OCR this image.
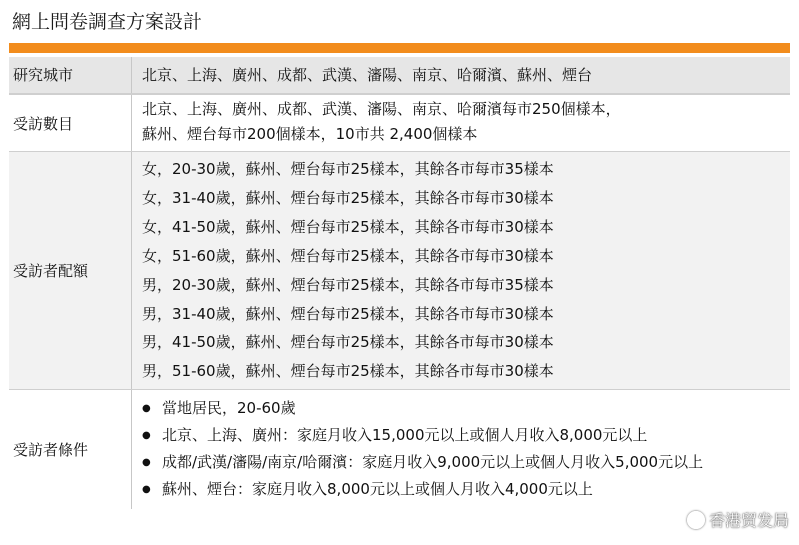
網上問卷調查方案設計
研究城市	北京、上海、廣州、成都、武漢、瀋陽、南京、哈爾濱、蘇州、煙台
受訪數目
北京、上海、廣州、成都、武漢、瀋陽、南京、哈爾濱每市250個樣本，
蘇州、煙台每市200個樣本，10市共 2,400個樣本
受訪者配額
女，20-30歲，蘇州、煙台每市25樣本，其餘各市每市35樣本
女，31-40歲，蘇州、煙台每市25樣本，其餘各市每市30樣本
女，41-50歲，蘇州、煙台每市25樣本，其餘各市每市30樣本
女，51-60歲，蘇州、煙台每市25樣本，其餘各市每市30樣本
男，20-30歲，蘇州、煙台每市25樣本，其餘各市每市35樣本
男，31-40歲，蘇州、煙台每市25樣本，其餘各市每市30樣本
男，41-50歲，蘇州、煙台每市25樣本，其餘各市每市30樣本
男，51-60歲，蘇州、煙台每市25樣本，其餘各市每市30樣本
受訪者條件
● 當地居民，20-60歲
● 北京、上海、廣州：家庭月收入15,000元以上或個人月收入8,000元以上
● 成都/武漢/瀋陽/南京/哈爾濱：家庭月收入9,000元以上或個人月收入5,000元以上
● 蘇州、煙台：家庭月收入8,000元以上或個人月收入4,000元以上
香港贸发局
